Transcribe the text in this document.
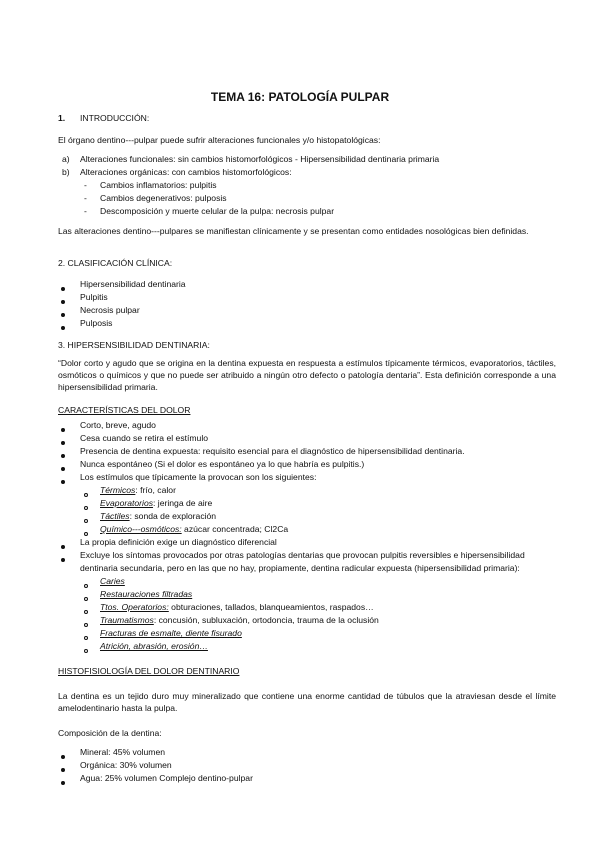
TEMA 16: PATOLOGÍA PULPAR
1. INTRODUCCIÓN:
El órgano dentino---pulpar puede sufrir alteraciones funcionales y/o histopatológicas:
a) Alteraciones funcionales: sin cambios histomorfológicos - Hipersensibilidad dentinaria primaria
b) Alteraciones orgánicas: con cambios histomorfológicos:
- Cambios inflamatorios: pulpitis
- Cambios degenerativos: pulposis
- Descomposición y muerte celular de la pulpa: necrosis pulpar
Las alteraciones dentino---pulpares se manifiestan clínicamente y se presentan como entidades nosológicas bien definidas.
2. CLASIFICACIÓN CLÍNICA:
Hipersensibilidad dentinaria
Pulpitis
Necrosis pulpar
Pulposis
3. HIPERSENSIBILIDAD DENTINARIA:
“Dolor corto y agudo que se origina en la dentina expuesta en respuesta a estímulos típicamente térmicos, evaporatorios, táctiles, osmóticos o químicos y que no puede ser atribuido a ningún otro defecto o patología dentaria”. Esta definición corresponde a una hipersensibilidad primaria.
CARACTERÍSTICAS DEL DOLOR
Corto, breve, agudo
Cesa cuando se retira el estímulo
Presencia de dentina expuesta: requisito esencial para el diagnóstico de hipersensibilidad dentinaria.
Nunca espontáneo (Si el dolor es espontáneo ya lo que habría es pulpitis.)
Los estímulos que típicamente la provocan son los siguientes:
Térmicos: frío, calor
Evaporatorios: jeringa de aire
Táctiles: sonda de exploración
Químico---osmóticos: azúcar concentrada; Cl2Ca
La propia definición exige un diagnóstico diferencial
Excluye los síntomas provocados por otras patologías dentarias que provocan pulpitis reversibles e hipersensibilidad
dentinaria secundaria, pero en las que no hay, propiamente, dentina radicular expuesta (hipersensibilidad primaria):
Caries
Restauraciones filtradas
Ttos. Operatorios: obturaciones, tallados, blanqueamientos, raspados…
Traumatismos: concusión, subluxación, ortodoncia, trauma de la oclusión
Fracturas de esmalte, diente fisurado
Atrición, abrasión, erosión…
HISTOFISIOLOGÍA DEL DOLOR DENTINARIO
La dentina es un tejido duro muy mineralizado que contiene una enorme cantidad de túbulos que la atraviesan desde el límite amelodentinario hasta la pulpa.
Composición de la dentina:
Mineral: 45% volumen
Orgánica: 30% volumen
Agua: 25% volumen Complejo dentino-pulpar
